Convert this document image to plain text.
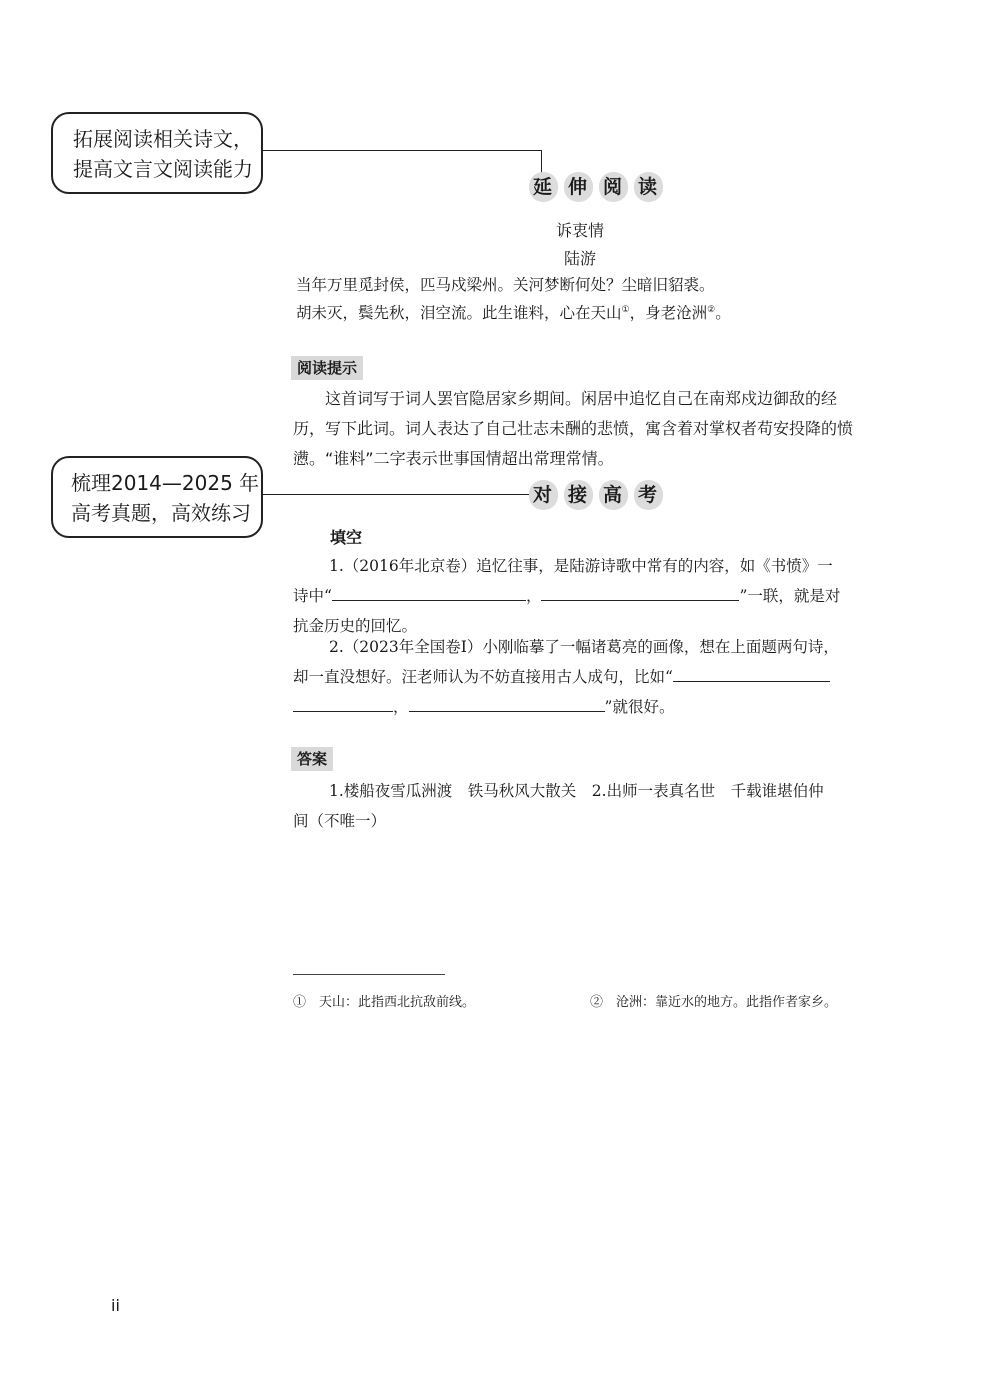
拓展阅读相关诗文，
提高文言文阅读能力
延 伸 阅 读
诉衷情
陆游
当年万里觅封侯，匹马戍梁州。关河梦断何处？尘暗旧貂裘。
胡未灭，鬓先秋，泪空流。此生谁料，心在天山①，身老沧洲②。
阅读提示
这首词写于词人罢官隐居家乡期间。闲居中追忆自己在南郑戍边御敌的经历，写下此词。词人表达了自己壮志未酬的悲愤，寓含着对掌权者苟安投降的愤懑。“谁料”二字表示世事国情超出常理常情。
梳理2014—2025 年
高考真题，高效练习
对 接 高 考
填空
1.（2016年北京卷）追忆往事，是陆游诗歌中常有的内容，如《书愤》一
诗中“	，	”一联，就是对
抗金历史的回忆。
2.（2023年全国卷Ⅰ）小刚临摹了一幅诸葛亮的画像，想在上面题两句诗，
却一直没想好。汪老师认为不妨直接用古人成句，比如“
，	”就很好。
答案
1.楼船夜雪瓜洲渡　铁马秋风大散关　2.出师一表真名世　千载谁堪伯仲
间（不唯一）
①　天山：此指西北抗敌前线。	②　沧洲：靠近水的地方。此指作者家乡。
ii
